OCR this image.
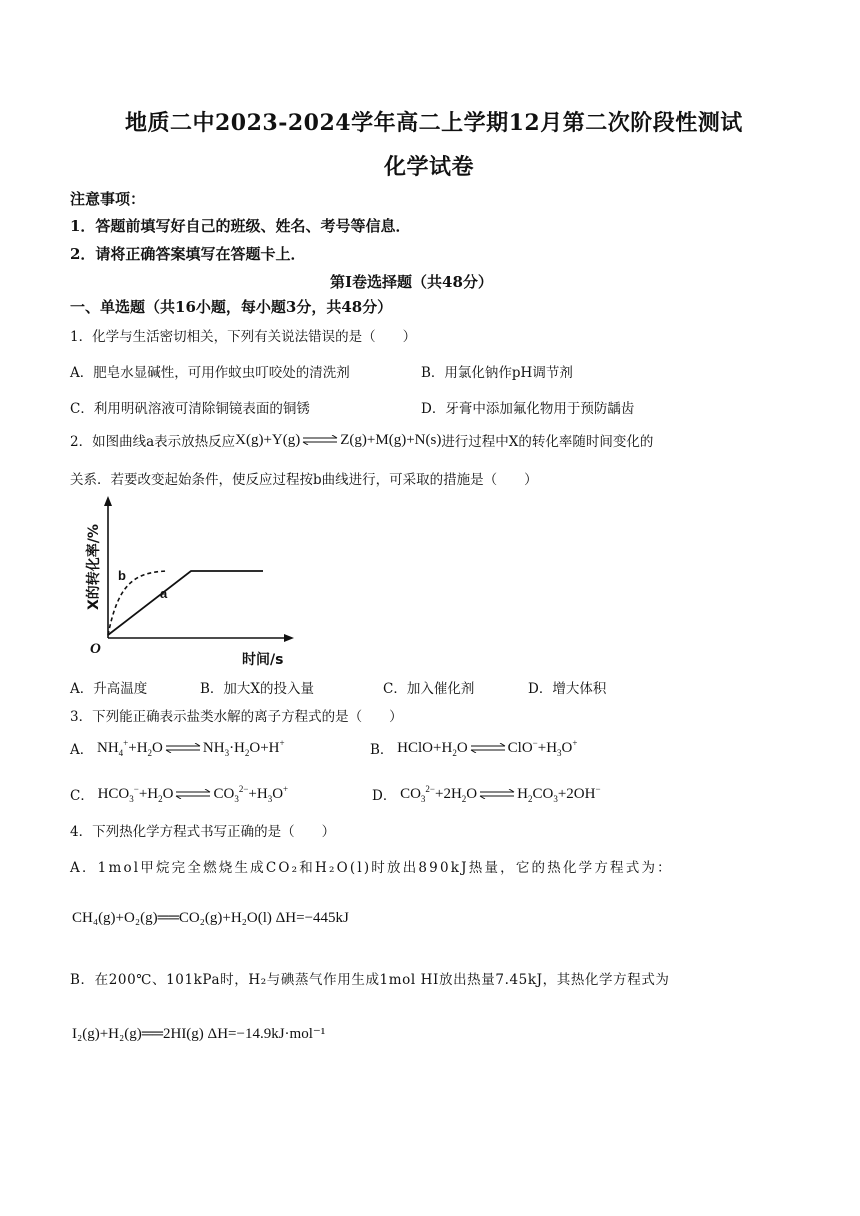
地质二中2023-2024学年高二上学期12月第二次阶段性测试
化学试卷
注意事项：
1．答题前填写好自己的班级、姓名、考号等信息．
2．请将正确答案填写在答题卡上．
第Ⅰ卷选择题（共48分）
一、单选题（共16小题，每小题3分，共48分）
1．化学与生活密切相关，下列有关说法错误的是（　　）
A．肥皂水显碱性，可用作蚊虫叮咬处的清洗剂	B．用氯化钠作pH调节剂
C．利用明矾溶液可清除铜镜表面的铜锈	D．牙膏中添加氟化物用于预防龋齿
2．如图曲线a表示放热反应 X(g)+Y(g) ⇌ Z(g)+M(g)+N(s) 进行过程中X的转化率随时间变化的
关系．若要改变起始条件，使反应过程按b曲线进行，可采取的措施是（　　）
b
a
O
X的转化率/%
时间/s
A．升高温度	B．加大X的投入量	C．加入催化剂	D．增大体积
3．下列能正确表示盐类水解的离子方程式的是（　　）
A． $NH_4^++H_2O$ ⇌ $NH_3\cdot H_2O+H^+$	B． $HClO+H_2O$ ⇌ $ClO^-+H_3O^+$
C． $HCO_3^-+H_2O$ ⇌ $CO_3^{2-}+H_3O^+$	D． $CO_3^{2-}+2H_2O$ ⇌ $H_2CO_3+2OH^-$
4．下列热化学方程式书写正确的是（　　）
A．1mol甲烷完全燃烧生成CO₂和H₂O(l)时放出890kJ热量，它的热化学方程式为：
CH₄(g)+O₂(g)══CO₂(g)+H₂O(l) ΔH=−445kJ
B．在200℃、101kPa时，H₂与碘蒸气作用生成1mol HI放出热量7.45kJ，其热化学方程式为
I₂(g)+H₂(g)══2HI(g) ΔH=−14.9kJ·mol⁻¹
